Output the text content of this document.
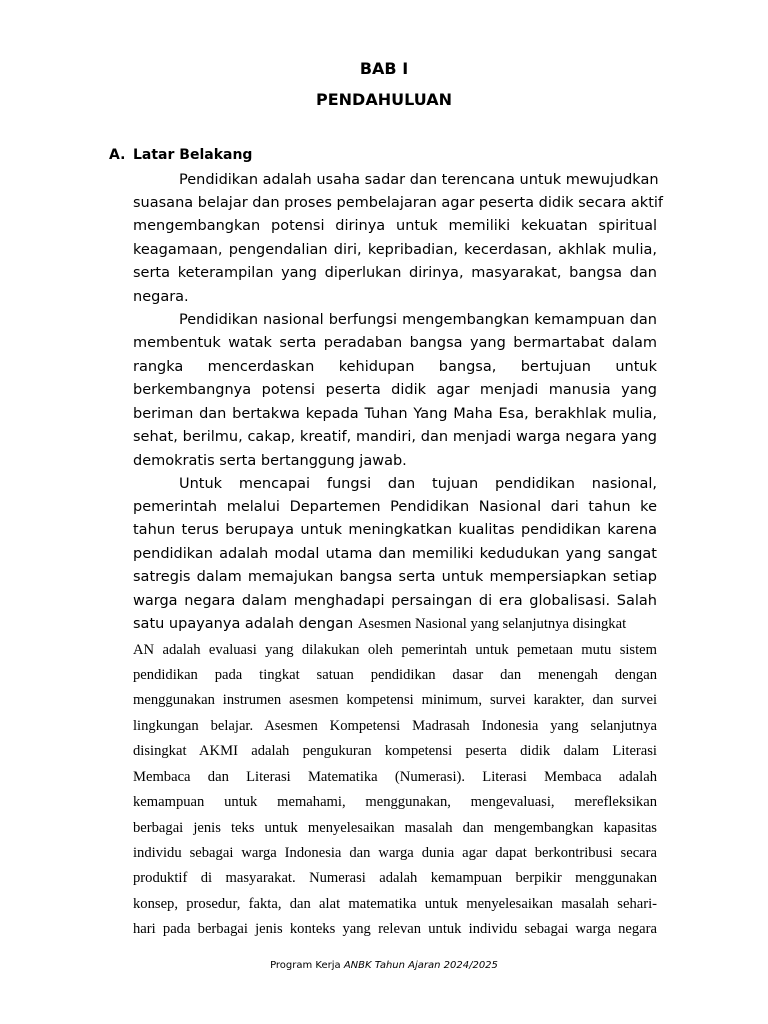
BAB I
PENDAHULUAN
A. Latar Belakang

Pendidikan adalah usaha sadar dan terencana untuk mewujudkan

suasana belajar dan proses pembelajaran agar peserta didik secara aktif

mengembangkan potensi dirinya untuk memiliki kekuatan spiritual

keagamaan, pengendalian diri, kepribadian, kecerdasan, akhlak mulia,

serta keterampilan yang diperlukan dirinya, masyarakat, bangsa dan

negara.

Pendidikan nasional berfungsi mengembangkan kemampuan dan

membentuk watak serta peradaban bangsa yang bermartabat dalam

rangka mencerdaskan kehidupan bangsa, bertujuan untuk

berkembangnya potensi peserta didik agar menjadi manusia yang

beriman dan bertakwa kepada Tuhan Yang Maha Esa, berakhlak mulia,

sehat, berilmu, cakap, kreatif, mandiri, dan menjadi warga negara yang

demokratis serta bertanggung jawab.

Untuk mencapai fungsi dan tujuan pendidikan nasional,

pemerintah melalui Departemen Pendidikan Nasional dari tahun ke

tahun terus berupaya untuk meningkatkan kualitas pendidikan karena

pendidikan adalah modal utama dan memiliki kedudukan yang sangat

satregis dalam memajukan bangsa serta untuk mempersiapkan setiap

warga negara dalam menghadapi persaingan di era globalisasi. Salah

satu upayanya adalah dengan Asesmen Nasional yang selanjutnya disingkat

AN adalah evaluasi yang dilakukan oleh pemerintah untuk pemetaan mutu sistem

pendidikan pada tingkat satuan pendidikan dasar dan menengah dengan

menggunakan instrumen asesmen kompetensi minimum, survei karakter, dan survei

lingkungan belajar. Asesmen Kompetensi Madrasah Indonesia yang selanjutnya

disingkat AKMI adalah pengukuran kompetensi peserta didik dalam Literasi

Membaca dan Literasi Matematika (Numerasi). Literasi Membaca adalah

kemampuan untuk memahami, menggunakan, mengevaluasi, merefleksikan

berbagai jenis teks untuk menyelesaikan masalah dan mengembangkan kapasitas

individu sebagai warga Indonesia dan warga dunia agar dapat berkontribusi secara

produktif di masyarakat. Numerasi adalah kemampuan berpikir menggunakan

konsep, prosedur, fakta, dan alat matematika untuk menyelesaikan masalah sehari-

hari pada berbagai jenis konteks yang relevan untuk individu sebagai warga negara

Program Kerja ANBK Tahun Ajaran 2024/2025
